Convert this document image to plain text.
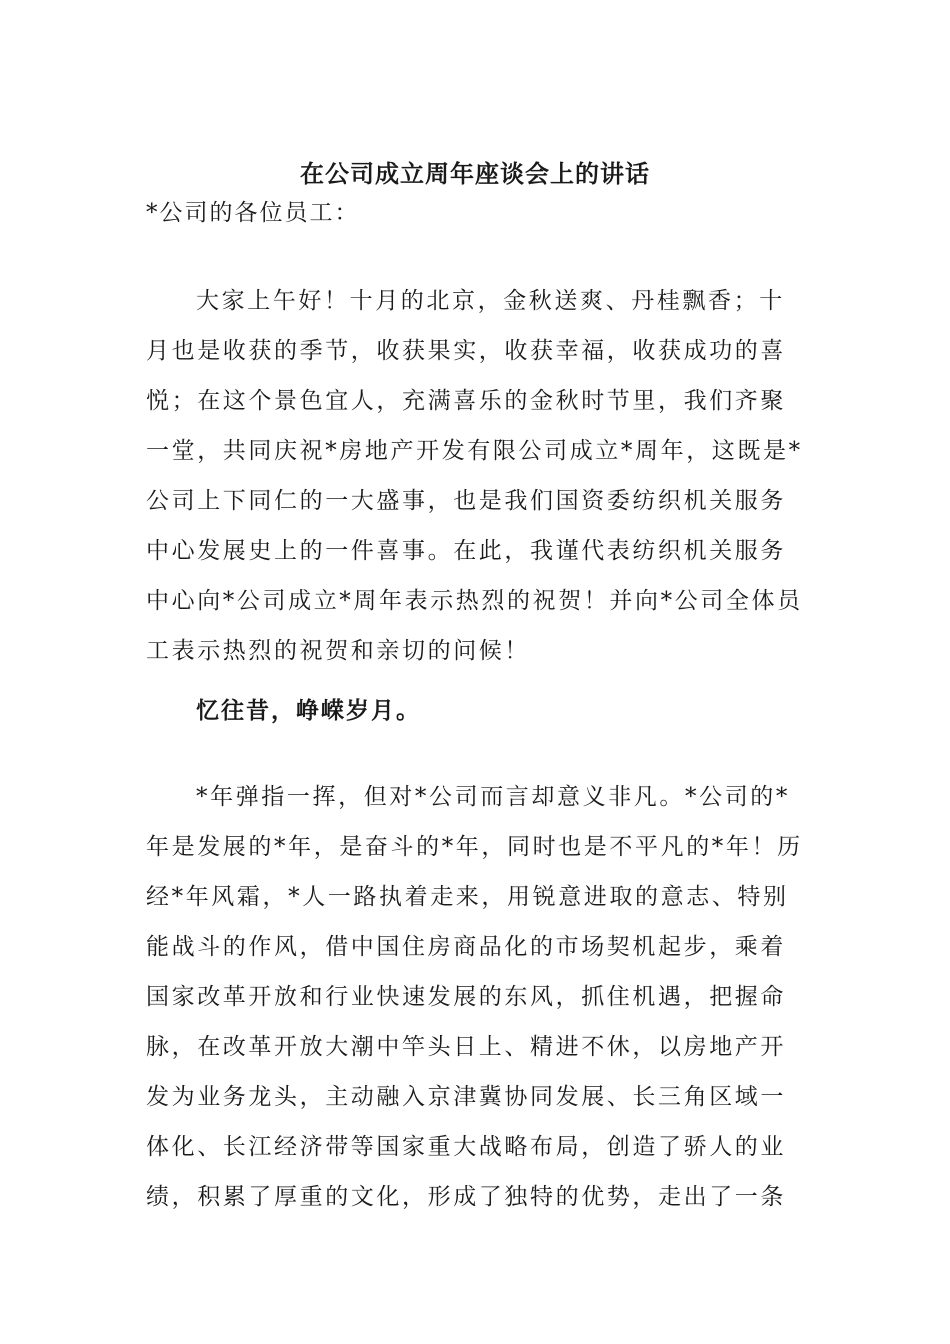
在公司成立周年座谈会上的讲话
*公司的各位员工：
大家上午好！十月的北京，金秋送爽、丹桂飘香；十
月也是收获的季节，收获果实，收获幸福，收获成功的喜
悦；在这个景色宜人，充满喜乐的金秋时节里，我们齐聚
一堂，共同庆祝*房地产开发有限公司成立*周年，这既是*
公司上下同仁的一大盛事，也是我们国资委纺织机关服务
中心发展史上的一件喜事。在此，我谨代表纺织机关服务
中心向*公司成立*周年表示热烈的祝贺！并向*公司全体员
工表示热烈的祝贺和亲切的问候！
忆往昔，峥嵘岁月。
*年弹指一挥，但对*公司而言却意义非凡。*公司的*
年是发展的*年，是奋斗的*年，同时也是不平凡的*年！历
经*年风霜，*人一路执着走来，用锐意进取的意志、特别
能战斗的作风，借中国住房商品化的市场契机起步，乘着
国家改革开放和行业快速发展的东风，抓住机遇，把握命
脉，在改革开放大潮中竿头日上、精进不休，以房地产开
发为业务龙头，主动融入京津冀协同发展、长三角区域一
体化、长江经济带等国家重大战略布局，创造了骄人的业
绩，积累了厚重的文化，形成了独特的优势，走出了一条
